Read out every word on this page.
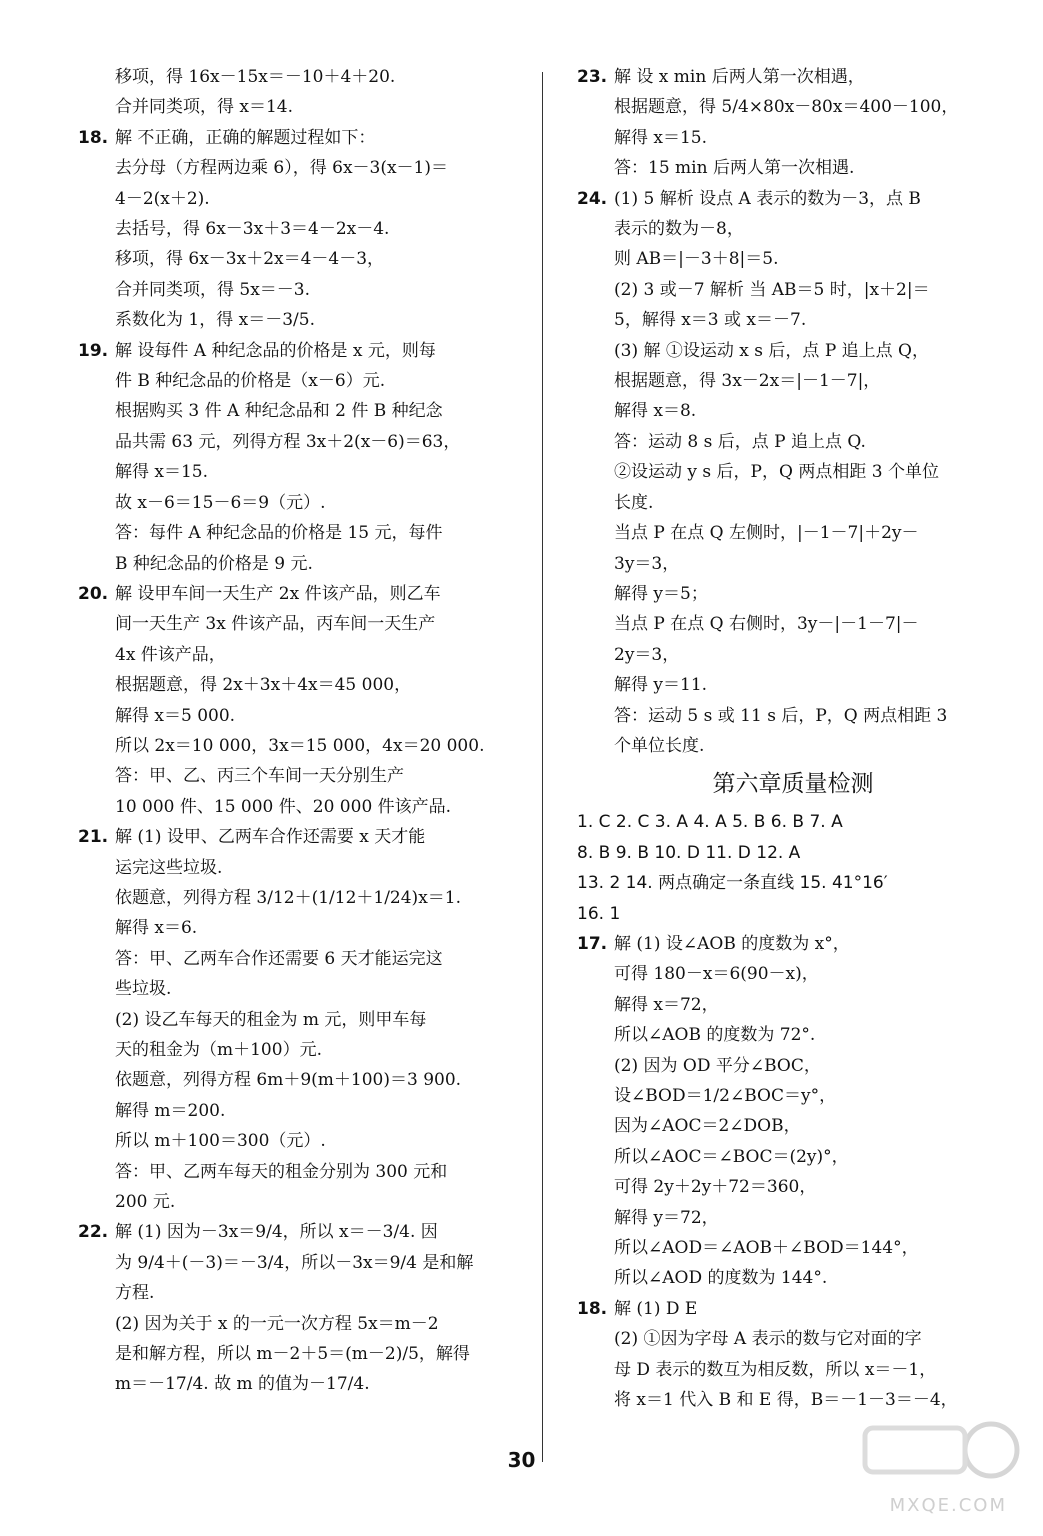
移项，得 16x－15x＝－10＋4＋20.
合并同类项，得 x＝14.
18. 解 不正确，正确的解题过程如下：
去分母（方程两边乘 6），得 6x－3(x－1)＝
4－2(x＋2).
去括号，得 6x－3x＋3＝4－2x－4.
移项，得 6x－3x＋2x＝4－4－3，
合并同类项，得 5x＝－3.
系数化为 1，得 x＝－3/5.
19. 解 设每件 A 种纪念品的价格是 x 元，则每
件 B 种纪念品的价格是（x－6）元.
根据购买 3 件 A 种纪念品和 2 件 B 种纪念
品共需 63 元，列得方程 3x＋2(x－6)＝63，
解得 x＝15.
故 x－6＝15－6＝9（元）.
答：每件 A 种纪念品的价格是 15 元，每件
B 种纪念品的价格是 9 元.
20. 解 设甲车间一天生产 2x 件该产品，则乙车
间一天生产 3x 件该产品，丙车间一天生产
4x 件该产品，
根据题意，得 2x＋3x＋4x＝45 000，
解得 x＝5 000.
所以 2x＝10 000，3x＝15 000，4x＝20 000.
答：甲、乙、丙三个车间一天分别生产
10 000 件、15 000 件、20 000 件该产品.
21. 解 (1) 设甲、乙两车合作还需要 x 天才能
运完这些垃圾.
依题意，列得方程 3/12＋(1/12＋1/24)x＝1.
解得 x＝6.
答：甲、乙两车合作还需要 6 天才能运完这
些垃圾.
(2) 设乙车每天的租金为 m 元，则甲车每
天的租金为（m＋100）元.
依题意，列得方程 6m＋9(m＋100)＝3 900.
解得 m＝200.
所以 m＋100＝300（元）.
答：甲、乙两车每天的租金分别为 300 元和
200 元.
22. 解 (1) 因为－3x＝9/4，所以 x＝－3/4. 因
为 9/4＋(－3)＝－3/4，所以－3x＝9/4 是和解
方程.
(2) 因为关于 x 的一元一次方程 5x＝m－2
是和解方程，所以 m－2＋5＝(m－2)/5，解得
m＝－17/4. 故 m 的值为－17/4.
23. 解 设 x min 后两人第一次相遇，
根据题意，得 5/4×80x－80x＝400－100，
解得 x＝15.
答：15 min 后两人第一次相遇.
24. (1) 5 解析 设点 A 表示的数为－3，点 B
表示的数为－8，
则 AB＝|－3＋8|＝5.
(2) 3 或－7 解析 当 AB＝5 时，|x＋2|＝
5，解得 x＝3 或 x＝－7.
(3) 解 ①设运动 x s 后，点 P 追上点 Q，
根据题意，得 3x－2x＝|－1－7|，
解得 x＝8.
答：运动 8 s 后，点 P 追上点 Q.
②设运动 y s 后，P，Q 两点相距 3 个单位
长度.
当点 P 在点 Q 左侧时，|－1－7|＋2y－
3y＝3，
解得 y＝5；
当点 P 在点 Q 右侧时，3y－|－1－7|－
2y＝3，
解得 y＝11.
答：运动 5 s 或 11 s 后，P，Q 两点相距 3
个单位长度.
第六章质量检测
1. C 2. C 3. A 4. A 5. B 6. B 7. A
8. B 9. B 10. D 11. D 12. A
13. 2 14. 两点确定一条直线 15. 41°16′
16. 1
17. 解 (1) 设∠AOB 的度数为 x°，
可得 180－x＝6(90－x)，
解得 x＝72，
所以∠AOB 的度数为 72°.
(2) 因为 OD 平分∠BOC，
设∠BOD＝1/2∠BOC＝y°，
因为∠AOC＝2∠DOB，
所以∠AOC＝∠BOC＝(2y)°，
可得 2y＋2y＋72＝360，
解得 y＝72，
所以∠AOD＝∠AOB＋∠BOD＝144°，
所以∠AOD 的度数为 144°.
18. 解 (1) D E
(2) ①因为字母 A 表示的数与它对面的字
母 D 表示的数互为相反数，所以 x＝－1，
将 x＝1 代入 B 和 E 得，B＝－1－3＝－4，
30
MXQE.COM
